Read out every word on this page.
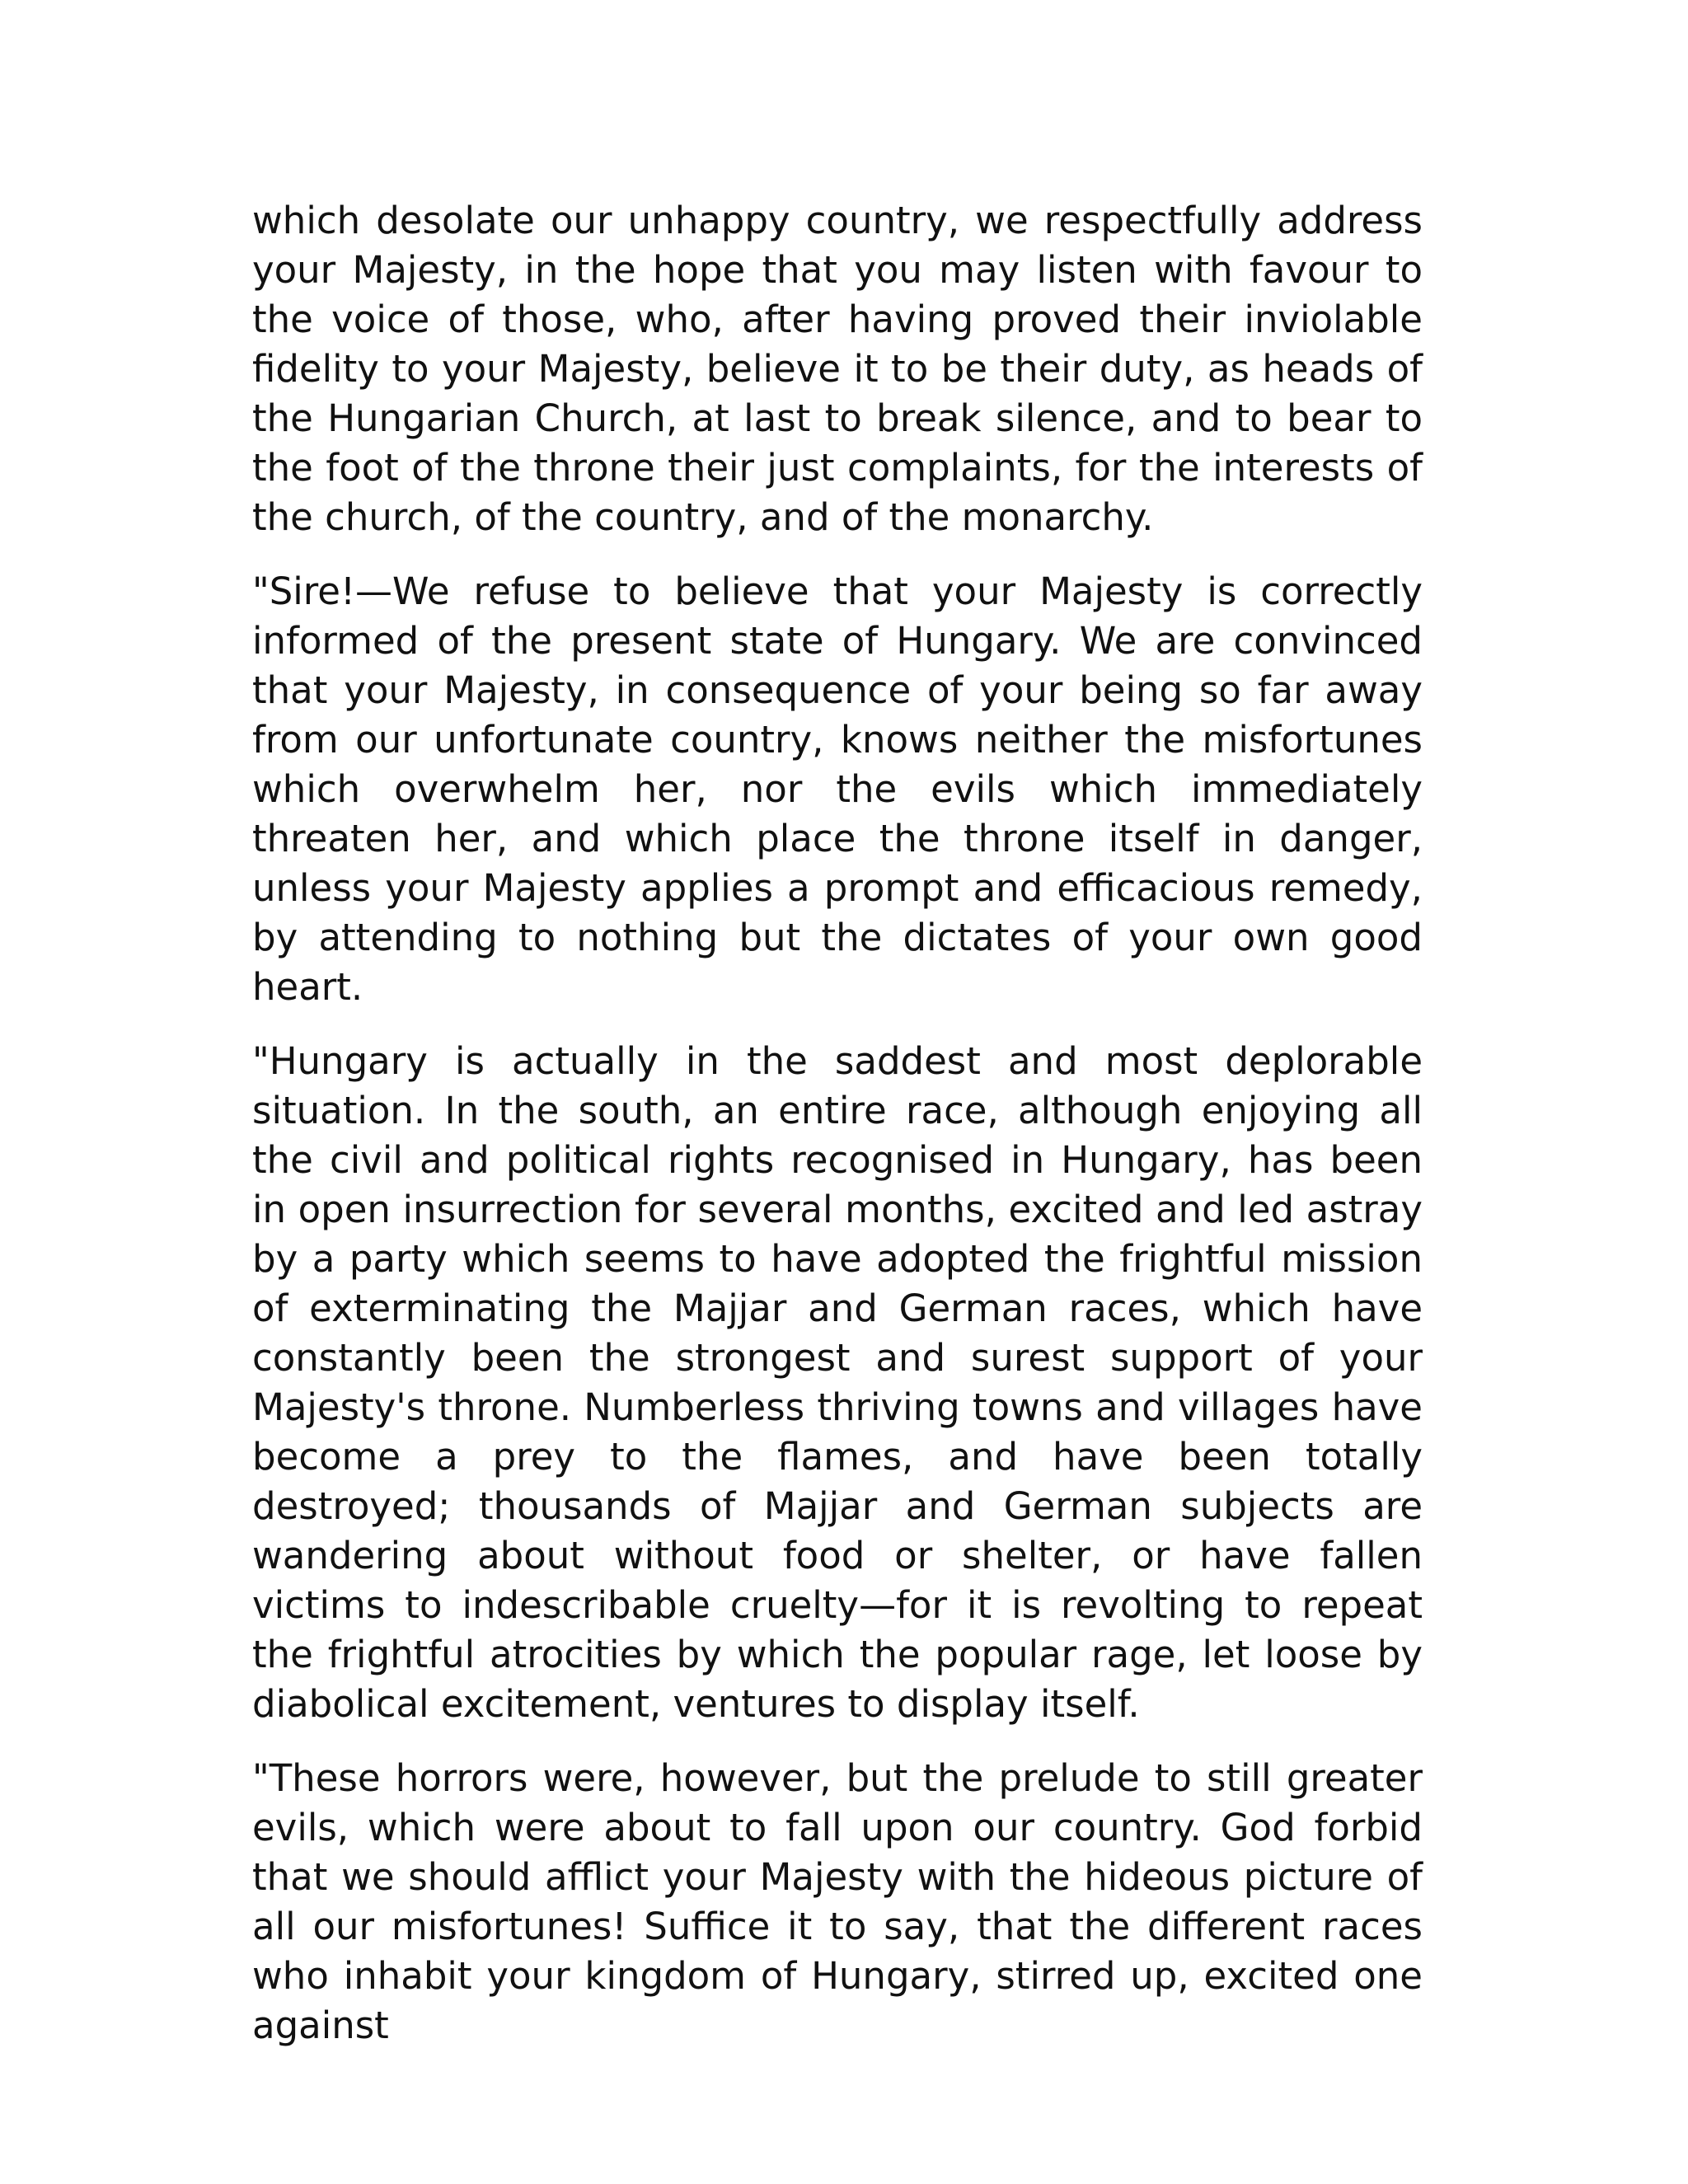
which desolate our unhappy country, we respectfully address your Majesty, in the hope that you may listen with favour to the voice of those, who, after having proved their inviolable fidelity to your Majesty, believe it to be their duty, as heads of the Hungarian Church, at last to break silence, and to bear to the foot of the throne their just complaints, for the interests of the church, of the country, and of the monarchy.

"Sire!—We refuse to believe that your Majesty is correctly informed of the present state of Hungary. We are convinced that your Majesty, in consequence of your being so far away from our unfortunate country, knows neither the misfortunes which overwhelm her, nor the evils which immediately threaten her, and which place the throne itself in danger, unless your Majesty applies a prompt and efficacious remedy, by attending to nothing but the dictates of your own good heart.

"Hungary is actually in the saddest and most deplorable situation. In the south, an entire race, although enjoying all the civil and political rights recognised in Hungary, has been in open insurrection for several months, excited and led astray by a party which seems to have adopted the frightful mission of exterminating the Majjar and German races, which have constantly been the strongest and surest support of your Majesty's throne. Numberless thriving towns and villages have become a prey to the flames, and have been totally destroyed; thousands of Majjar and German subjects are wandering about without food or shelter, or have fallen victims to indescribable cruelty—for it is revolting to repeat the frightful atrocities by which the popular rage, let loose by diabolical excitement, ventures to display itself.

"These horrors were, however, but the prelude to still greater evils, which were about to fall upon our country. God forbid that we should afflict your Majesty with the hideous picture of all our misfortunes! Suffice it to say, that the different races who inhabit your kingdom of Hungary, stirred up, excited one against
